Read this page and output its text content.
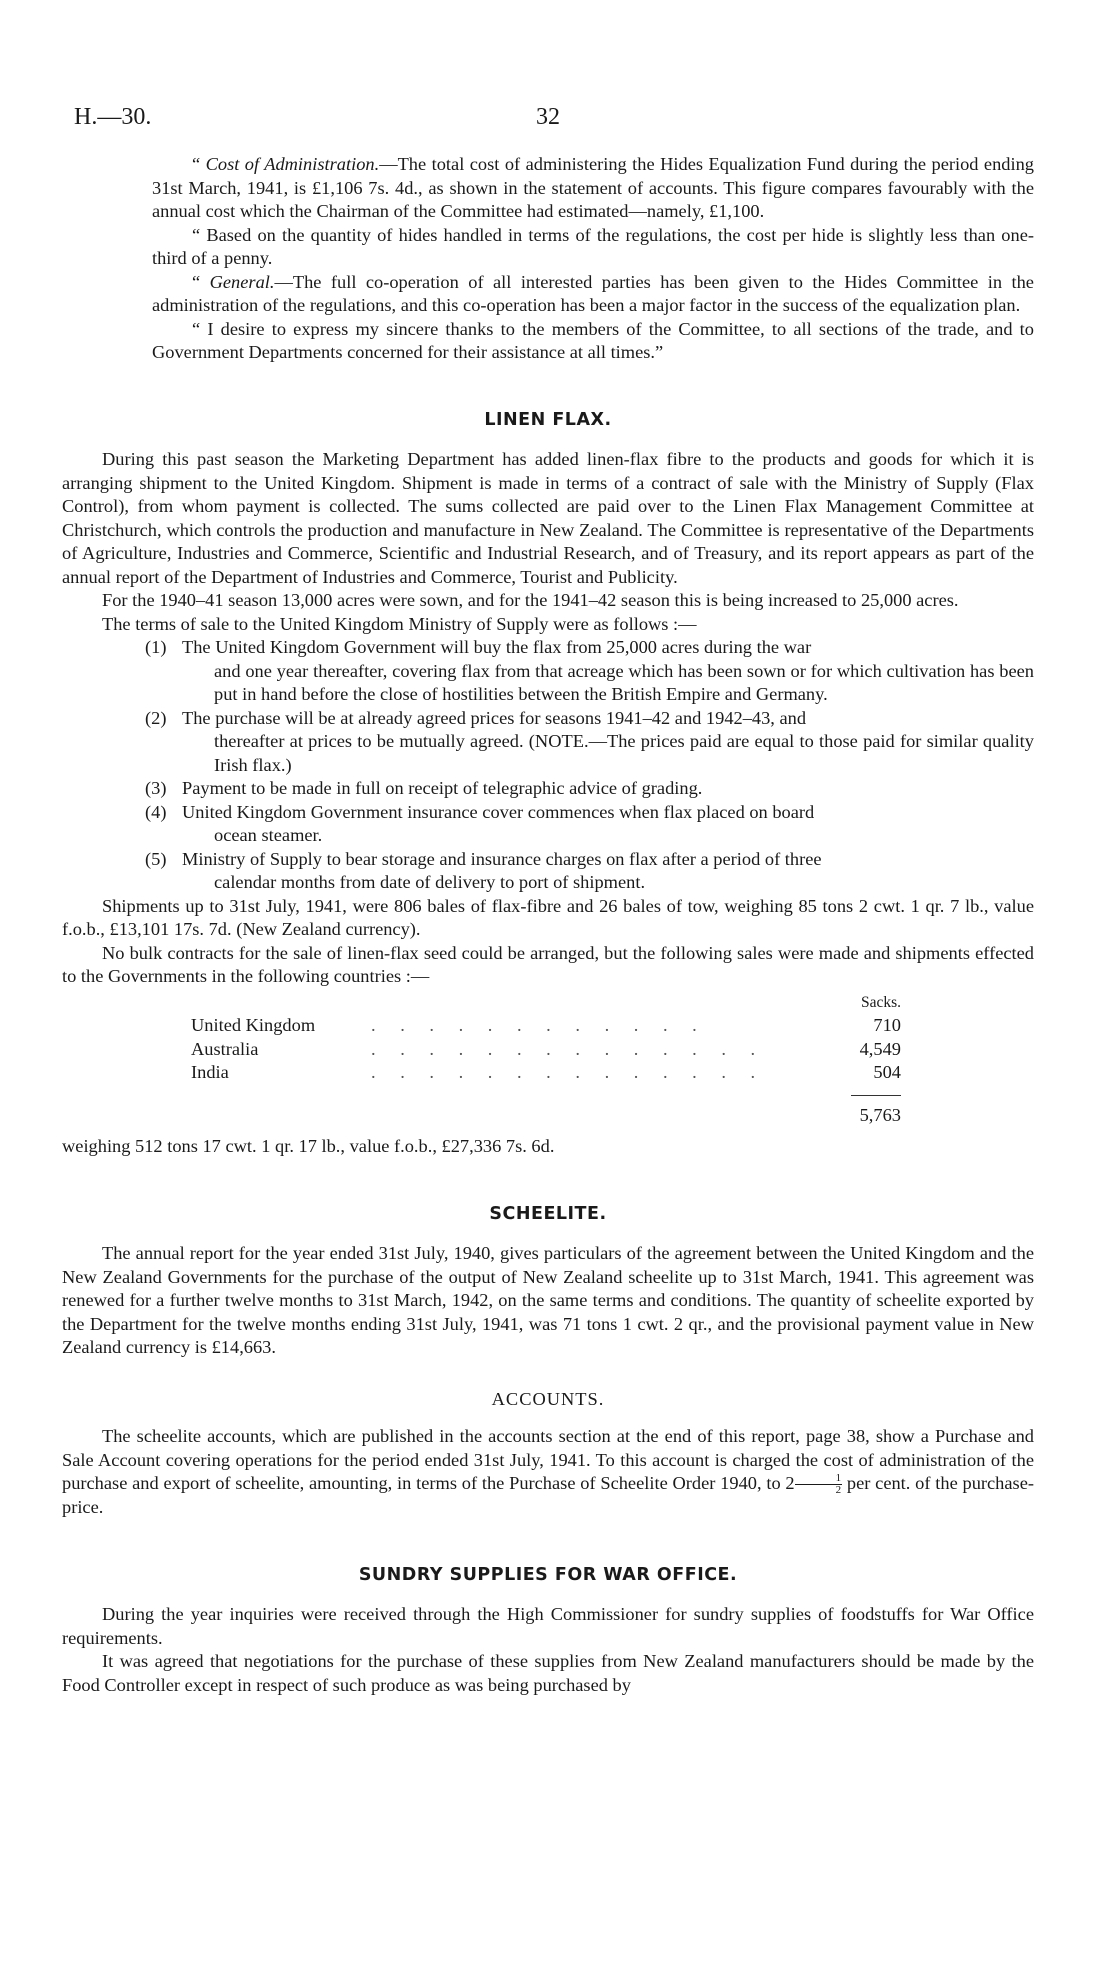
H.—30.	32

“ Cost of Administration.—The total cost of administering the Hides Equalization Fund during the period ending 31st March, 1941, is £1,106 7s. 4d., as shown in the statement of accounts. This figure compares favourably with the annual cost which the Chairman of the Committee had estimated—namely, £1,100.

“ Based on the quantity of hides handled in terms of the regulations, the cost per hide is slightly less than one-third of a penny.

“ General.—The full co-operation of all interested parties has been given to the Hides Committee in the administration of the regulations, and this co-operation has been a major factor in the success of the equalization plan.

“ I desire to express my sincere thanks to the members of the Committee, to all sections of the trade, and to Government Departments concerned for their assistance at all times.”

LINEN FLAX.

During this past season the Marketing Department has added linen-flax fibre to the products and goods for which it is arranging shipment to the United Kingdom. Shipment is made in terms of a contract of sale with the Ministry of Supply (Flax Control), from whom payment is collected. The sums collected are paid over to the Linen Flax Management Committee at Christchurch, which controls the production and manufacture in New Zealand. The Committee is representative of the Departments of Agriculture, Industries and Commerce, Scientific and Industrial Research, and of Treasury, and its report appears as part of the annual report of the Department of Industries and Commerce, Tourist and Publicity.

For the 1940–41 season 13,000 acres were sown, and for the 1941–42 season this is being increased to 25,000 acres.

The terms of sale to the United Kingdom Ministry of Supply were as follows :—

(1) The United Kingdom Government will buy the flax from 25,000 acres during the war
and one year thereafter, covering flax from that acreage which has been sown or for which cultivation has been put in hand before the close of hostilities between the British Empire and Germany.
(2) The purchase will be at already agreed prices for seasons 1941–42 and 1942–43, and
thereafter at prices to be mutually agreed. (NOTE.—The prices paid are equal to those paid for similar quality Irish flax.)
(3) Payment to be made in full on receipt of telegraphic advice of grading.
(4) United Kingdom Government insurance cover commences when flax placed on board
ocean steamer.
(5) Ministry of Supply to bear storage and insurance charges on flax after a period of three
calendar months from date of delivery to port of shipment.

Shipments up to 31st July, 1941, were 806 bales of flax-fibre and 26 bales of tow, weighing 85 tons 2 cwt. 1 qr. 7 lb., value f.o.b., £13,101 17s. 7d. (New Zealand currency).

No bulk contracts for the sale of linen-flax seed could be arranged, but the following sales were made and shipments effected to the Governments in the following countries :—

Sacks.
United Kingdom	. . . . . . . . . . . .	710
Australia	. . . . . . . . . . . . . .	4,549
India	. . . . . . . . . . . . . .	504
5,763

weighing 512 tons 17 cwt. 1 qr. 17 lb., value f.o.b., £27,336 7s. 6d.

SCHEELITE.

The annual report for the year ended 31st July, 1940, gives particulars of the agreement between the United Kingdom and the New Zealand Governments for the purchase of the output of New Zealand scheelite up to 31st March, 1941. This agreement was renewed for a further twelve months to 31st March, 1942, on the same terms and conditions. The quantity of scheelite exported by the Department for the twelve months ending 31st July, 1941, was 71 tons 1 cwt. 2 qr., and the provisional payment value in New Zealand currency is £14,663.

ACCOUNTS.

The scheelite accounts, which are published in the accounts section at the end of this report, page 38, show a Purchase and Sale Account covering operations for the period ended 31st July, 1941. To this account is charged the cost of administration of the purchase and export of scheelite, amounting, in terms of the Purchase of Scheelite Order 1940, to $2 \frac{1}{2}$ per cent. of the purchase-price.

SUNDRY SUPPLIES FOR WAR OFFICE.

During the year inquiries were received through the High Commissioner for sundry supplies of foodstuffs for War Office requirements.

It was agreed that negotiations for the purchase of these supplies from New Zealand manufacturers should be made by the Food Controller except in respect of such produce as was being purchased by
